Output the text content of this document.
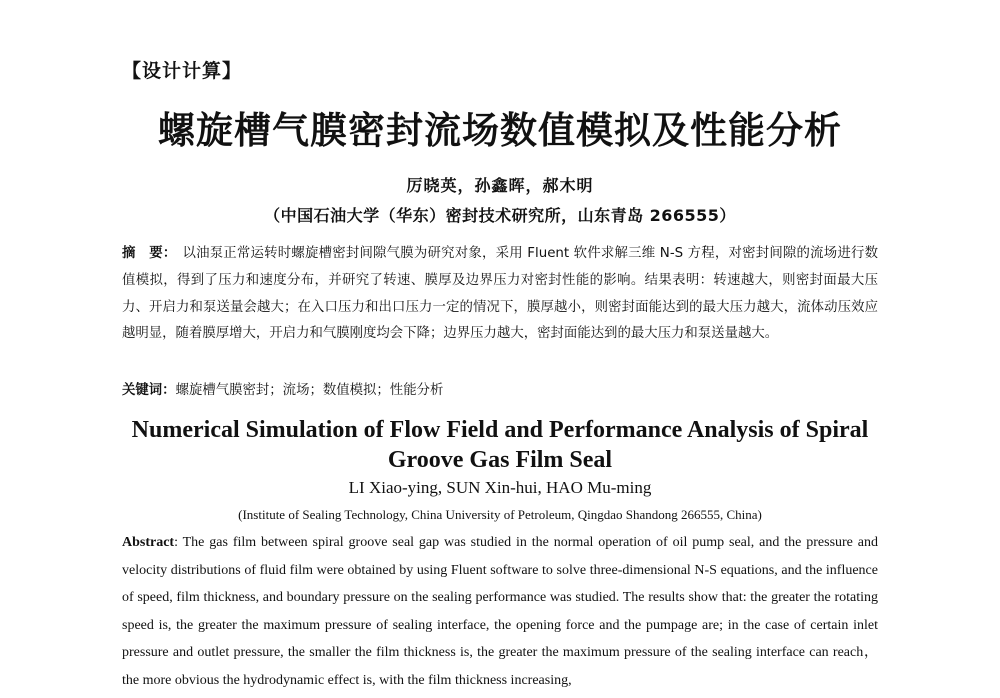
【设计计算】
螺旋槽气膜密封流场数值模拟及性能分析
厉晓英，孙鑫晖，郝木明
（中国石油大学（华东）密封技术研究所，山东青岛 266555）
摘　要： 以油泵正常运转时螺旋槽密封间隙气膜为研究对象，采用 Fluent 软件求解三维 N-S 方程，对密封间隙的流场进行数值模拟，得到了压力和速度分布，并研究了转速、膜厚及边界压力对密封性能的影响。结果表明：转速越大，则密封面最大压力、开启力和泵送量会越大；在入口压力和出口压力一定的情况下，膜厚越小，则密封面能达到的最大压力越大，流体动压效应越明显，随着膜厚增大，开启力和气膜刚度均会下降；边界压力越大，密封面能达到的最大压力和泵送量越大。
关键词：螺旋槽气膜密封；流场；数值模拟；性能分析
Numerical Simulation of Flow Field and Performance Analysis of Spiral Groove Gas Film Seal
LI Xiao-ying, SUN Xin-hui, HAO Mu-ming
(Institute of Sealing Technology, China University of Petroleum, Qingdao Shandong 266555, China)
Abstract: The gas film between spiral groove seal gap was studied in the normal operation of oil pump seal, and the pressure and velocity distributions of fluid film were obtained by using Fluent software to solve three-dimensional N-S equations, and the influence of speed, film thickness, and boundary pressure on the sealing performance was studied. The results show that: the greater the rotating speed is, the greater the maximum pressure of sealing interface, the opening force and the pumpage are; in the case of certain inlet pressure and outlet pressure, the smaller the film thickness is, the greater the maximum pressure of the sealing interface can reach，the more obvious the hydrodynamic effect is, with the film thickness increasing,
